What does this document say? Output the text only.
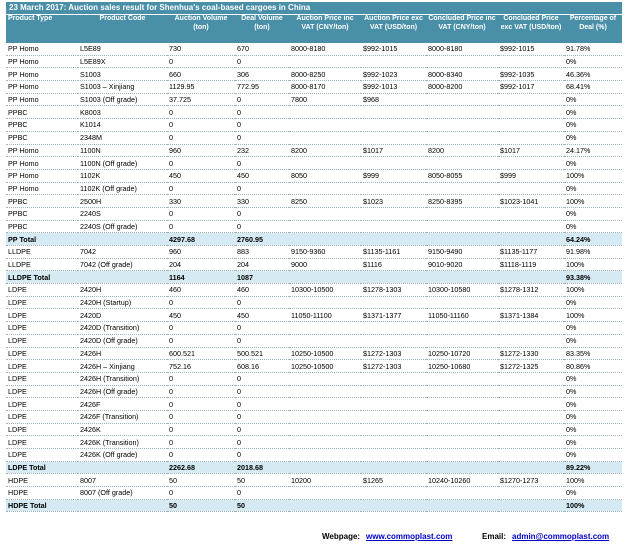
23 March 2017: Auction sales result for Shenhua's coal-based cargoes in China
Product Type	Product Code	Auction Volume (ton)	Deal Volume (ton)	Auction Price inc VAT (CNY/ton)	Auction Price exc VAT (USD/ton)	Concluded Price inc VAT (CNY/ton)	Concluded Price exc VAT (USD/ton)	Percentage of Deal (%)
PP Homo	L5E89	730	670	8000-8180	$992-1015	8000-8180	$992-1015	91.78%
PP Homo	L5E89X	0	0					0%
PP Homo	S1003	660	306	8000-8250	$992-1023	8000-8340	$992-1035	46.36%
PP Homo	S1003 – Xinjiang	1129.95	772.95	8000-8170	$992-1013	8000-8200	$992-1017	68.41%
PP Homo	S1003 (Off grade)	37.725	0	7800	$968			0%
PPBC	K8003	0	0					0%
PPBC	K1014	0	0					0%
PPBC	2348M	0	0					0%
PP Homo	1100N	960	232	8200	$1017	8200	$1017	24.17%
PP Homo	1100N (Off grade)	0	0					0%
PP Homo	1102K	450	450	8050	$999	8050-8055	$999	100%
PP Homo	1102K (Off grade)	0	0					0%
PPBC	2500H	330	330	8250	$1023	8250-8395	$1023-1041	100%
PPBC	2240S	0	0					0%
PPBC	2240S (Off grade)	0	0					0%
PP Total		4297.68	2760.95					64.24%
LLDPE	7042	960	883	9150-9360	$1135-1161	9150-9490	$1135-1177	91.98%
LLDPE	7042 (Off grade)	204	204	9000	$1116	9010-9020	$1118-1119	100%
LLDPE Total		1164	1087					93.38%
LDPE	2420H	460	460	10300-10500	$1278-1303	10300-10580	$1278-1312	100%
LDPE	2420H (Startup)	0	0					0%
LDPE	2420D	450	450	11050-11100	$1371-1377	11050-11160	$1371-1384	100%
LDPE	2420D (Transition)	0	0					0%
LDPE	2420D (Off grade)	0	0					0%
LDPE	2426H	600.521	500.521	10250-10500	$1272-1303	10250-10720	$1272-1330	83.35%
LDPE	2426H – Xinjiang	752.16	608.16	10250-10500	$1272-1303	10250-10680	$1272-1325	80.86%
LDPE	2426H (Transition)	0	0					0%
LDPE	2426H (Off grade)	0	0					0%
LDPE	2426F	0	0					0%
LDPE	2426F (Transition)	0	0					0%
LDPE	2426K	0	0					0%
LDPE	2426K (Transition)	0	0					0%
LDPE	2426K (Off grade)	0	0					0%
LDPE Total		2262.68	2018.68					89.22%
HDPE	8007	50	50	10200	$1265	10240-10260	$1270-1273	100%
HDPE	8007 (Off grade)	0	0					0%
HDPE Total		50	50					100%
Webpage: www.commoplast.com	Email: admin@commoplast.com
